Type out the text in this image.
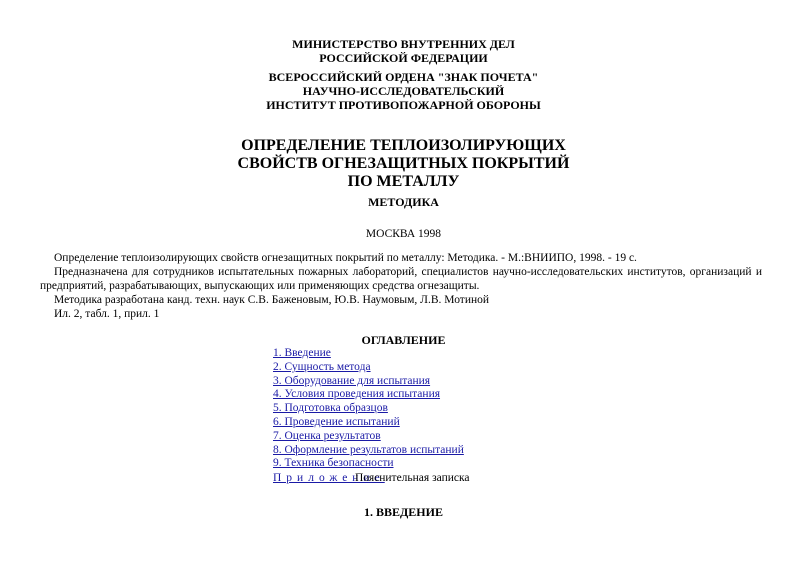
МИНИСТЕРСТВО ВНУТРЕННИХ ДЕЛ
РОССИЙСКОЙ ФЕДЕРАЦИИ
ВСЕРОССИЙСКИЙ ОРДЕНА "ЗНАК ПОЧЕТА"
НАУЧНО-ИССЛЕДОВАТЕЛЬСКИЙ
ИНСТИТУТ ПРОТИВОПОЖАРНОЙ ОБОРОНЫ
ОПРЕДЕЛЕНИЕ ТЕПЛОИЗОЛИРУЮЩИХ
СВОЙСТВ ОГНЕЗАЩИТНЫХ ПОКРЫТИЙ
ПО МЕТАЛЛУ
МЕТОДИКА
МОСКВА 1998
Определение теплоизолирующих свойств огнезащитных покрытий по металлу: Методика. - М.:ВНИИПО, 1998. - 19 с.
Предназначена для сотрудников испытательных пожарных лабораторий, специалистов научно-исследовательских институтов, организаций и предприятий, разрабатывающих, выпускающих или применяющих средства огнезащиты.
Методика разработана канд. техн. наук С.В. Баженовым, Ю.В. Наумовым, Л.В. Мотиной
Ил. 2, табл. 1, прил. 1
ОГЛАВЛЕНИЕ
1. Введение
2. Сущность метода
3. Оборудование для испытания
4. Условия проведения испытания
5. Подготовка образцов
6. Проведение испытаний
7. Оценка результатов
8. Оформление результатов испытаний
9. Техника безопасности
Приложение
Пояснительная записка
1. ВВЕДЕНИЕ
